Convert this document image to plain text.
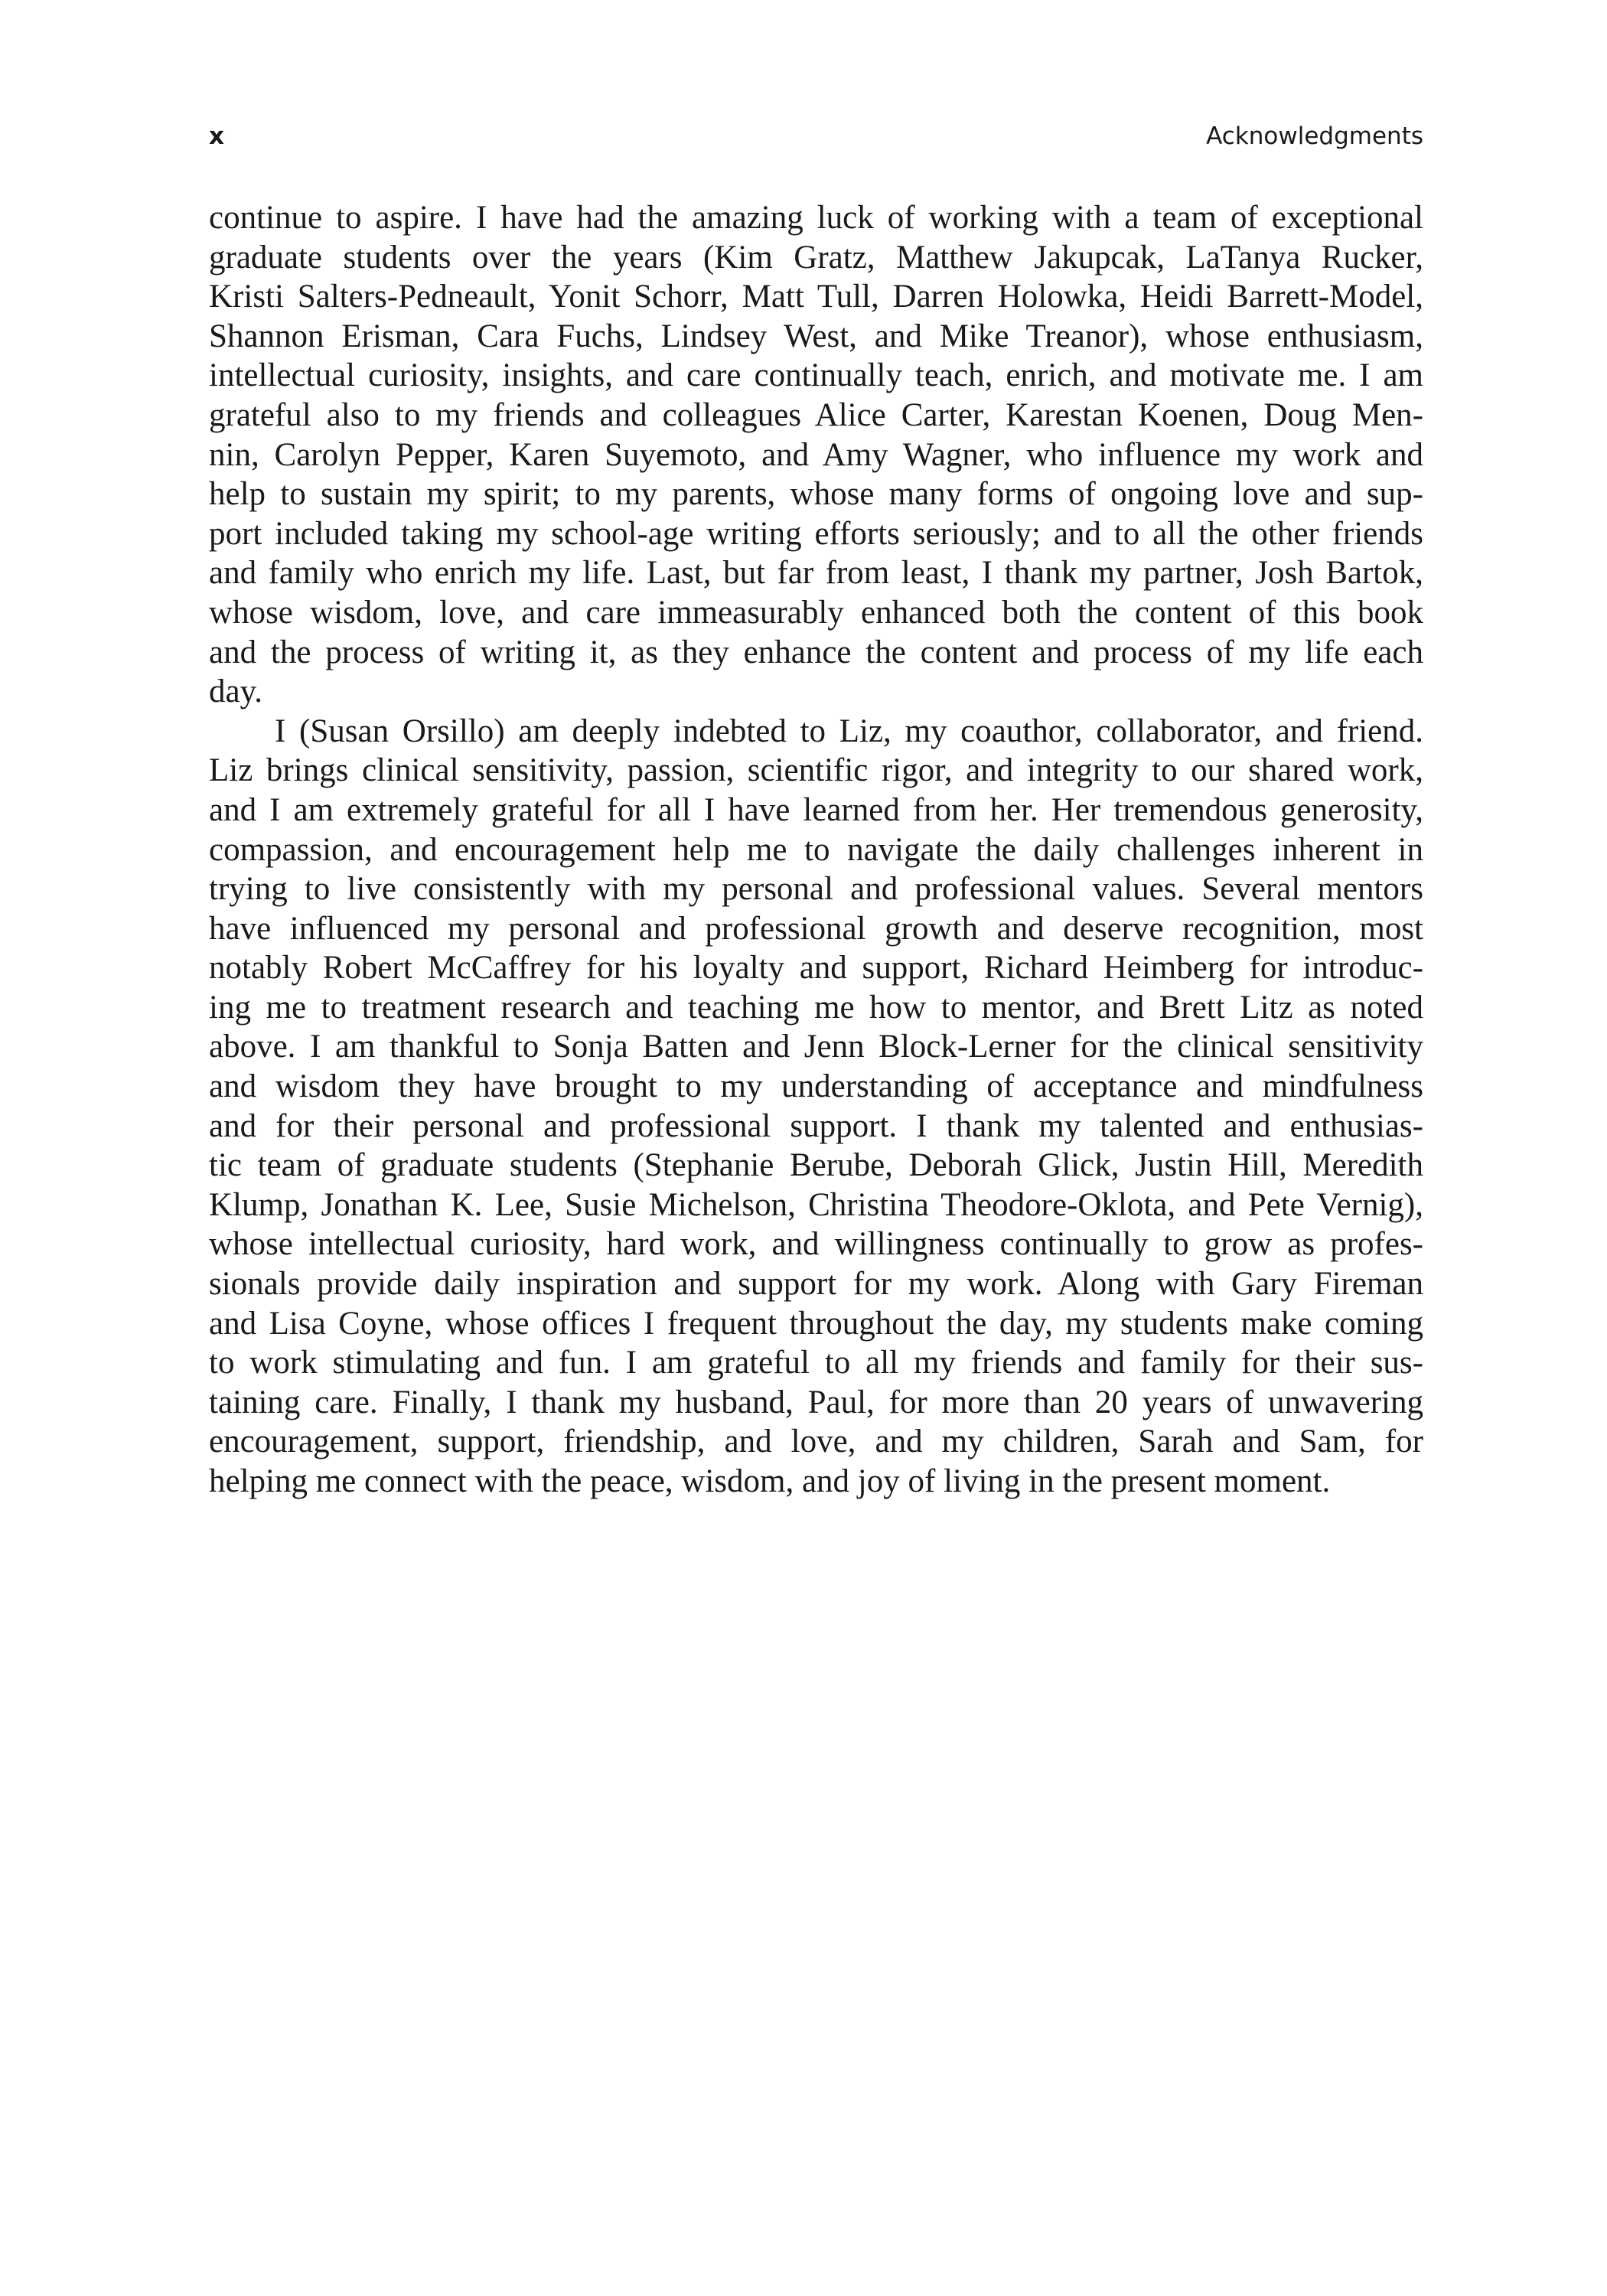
x	Acknowledgments
continue to aspire. I have had the amazing luck of working with a team of exceptional
graduate students over the years (Kim Gratz, Matthew Jakupcak, LaTanya Rucker,
Kristi Salters-Pedneault, Yonit Schorr, Matt Tull, Darren Holowka, Heidi Barrett-Model,
Shannon Erisman, Cara Fuchs, Lindsey West, and Mike Treanor), whose enthusiasm,
intellectual curiosity, insights, and care continually teach, enrich, and motivate me. I am
grateful also to my friends and colleagues Alice Carter, Karestan Koenen, Doug Men-
nin, Carolyn Pepper, Karen Suyemoto, and Amy Wagner, who influence my work and
help to sustain my spirit; to my parents, whose many forms of ongoing love and sup-
port included taking my school-age writing efforts seriously; and to all the other friends
and family who enrich my life. Last, but far from least, I thank my partner, Josh Bartok,
whose wisdom, love, and care immeasurably enhanced both the content of this book
and the process of writing it, as they enhance the content and process of my life each
day.
I (Susan Orsillo) am deeply indebted to Liz, my coauthor, collaborator, and friend.
Liz brings clinical sensitivity, passion, scientific rigor, and integrity to our shared work,
and I am extremely grateful for all I have learned from her. Her tremendous generosity,
compassion, and encouragement help me to navigate the daily challenges inherent in
trying to live consistently with my personal and professional values. Several mentors
have influenced my personal and professional growth and deserve recognition, most
notably Robert McCaffrey for his loyalty and support, Richard Heimberg for introduc-
ing me to treatment research and teaching me how to mentor, and Brett Litz as noted
above. I am thankful to Sonja Batten and Jenn Block-Lerner for the clinical sensitivity
and wisdom they have brought to my understanding of acceptance and mindfulness
and for their personal and professional support. I thank my talented and enthusias-
tic team of graduate students (Stephanie Berube, Deborah Glick, Justin Hill, Meredith
Klump, Jonathan K. Lee, Susie Michelson, Christina Theodore-Oklota, and Pete Vernig),
whose intellectual curiosity, hard work, and willingness continually to grow as profes-
sionals provide daily inspiration and support for my work. Along with Gary Fireman
and Lisa Coyne, whose offices I frequent throughout the day, my students make coming
to work stimulating and fun. I am grateful to all my friends and family for their sus-
taining care. Finally, I thank my husband, Paul, for more than 20 years of unwavering
encouragement, support, friendship, and love, and my children, Sarah and Sam, for
helping me connect with the peace, wisdom, and joy of living in the present moment.
